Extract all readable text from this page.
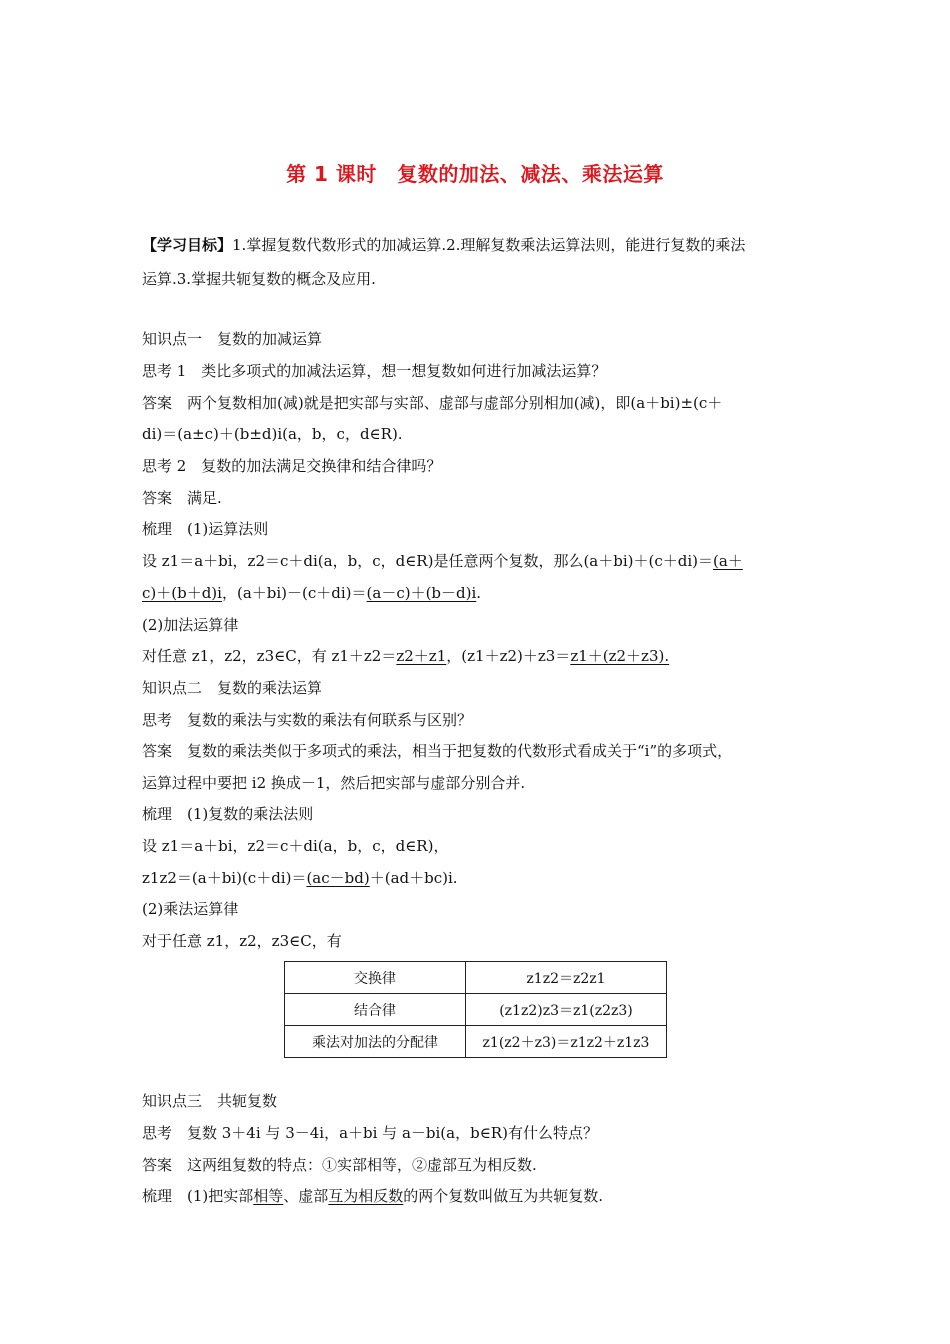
第 1 课时　复数的加法、减法、乘法运算
【学习目标】1.掌握复数代数形式的加减运算.2.理解复数乘法运算法则，能进行复数的乘法
运算.3.掌握共轭复数的概念及应用.
知识点一　复数的加减运算
思考 1　类比多项式的加减法运算，想一想复数如何进行加减法运算？
答案　两个复数相加(减)就是把实部与实部、虚部与虚部分别相加(减)，即(a＋bi)±(c＋
di)＝(a±c)＋(b±d)i(a，b，c，d∈R).
思考 2　复数的加法满足交换律和结合律吗？
答案　满足.
梳理　(1)运算法则
设 z1＝a＋bi，z2＝c＋di(a，b，c，d∈R)是任意两个复数，那么(a＋bi)＋(c＋di)＝(a＋
c)＋(b＋d)i，(a＋bi)－(c＋di)＝(a－c)＋(b－d)i.
(2)加法运算律
对任意 z1，z2，z3∈C，有 z1＋z2＝z2＋z1，(z1＋z2)＋z3＝z1＋(z2＋z3).
知识点二　复数的乘法运算
思考　复数的乘法与实数的乘法有何联系与区别？
答案　复数的乘法类似于多项式的乘法，相当于把复数的代数形式看成关于“i”的多项式，
运算过程中要把 i2 换成－1，然后把实部与虚部分别合并.
梳理　(1)复数的乘法法则
设 z1＝a＋bi，z2＝c＋di(a，b，c，d∈R)，
z1z2＝(a＋bi)(c＋di)＝(ac－bd)＋(ad＋bc)i.
(2)乘法运算律
对于任意 z1，z2，z3∈C，有
交换律	z1z2＝z2z1
结合律	(z1z2)z3＝z1(z2z3)
乘法对加法的分配律	z1(z2＋z3)＝z1z2＋z1z3
知识点三　共轭复数
思考　复数 3＋4i 与 3－4i，a＋bi 与 a－bi(a，b∈R)有什么特点？
答案　这两组复数的特点：①实部相等，②虚部互为相反数.
梳理　(1)把实部相等、虚部互为相反数的两个复数叫做互为共轭复数.
